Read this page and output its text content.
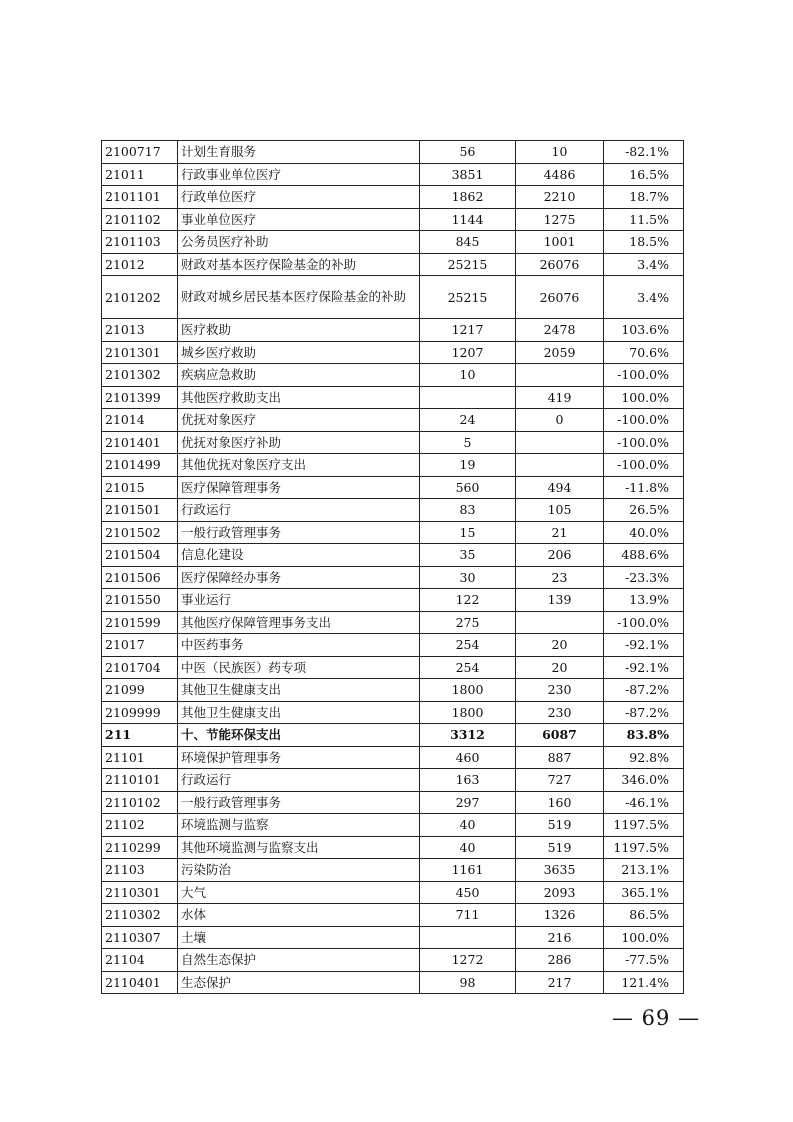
2100717	计划生育服务	56	10	-82.1%
21011	行政事业单位医疗	3851	4486	16.5%
2101101	行政单位医疗	1862	2210	18.7%
2101102	事业单位医疗	1144	1275	11.5%
2101103	公务员医疗补助	845	1001	18.5%
21012	财政对基本医疗保险基金的补助	25215	26076	3.4%
2101202	财政对城乡居民基本医疗保险基金的补助	25215	26076	3.4%
21013	医疗救助	1217	2478	103.6%
2101301	城乡医疗救助	1207	2059	70.6%
2101302	疾病应急救助	10		-100.0%
2101399	其他医疗救助支出		419	100.0%
21014	优抚对象医疗	24	0	-100.0%
2101401	优抚对象医疗补助	5		-100.0%
2101499	其他优抚对象医疗支出	19		-100.0%
21015	医疗保障管理事务	560	494	-11.8%
2101501	行政运行	83	105	26.5%
2101502	一般行政管理事务	15	21	40.0%
2101504	信息化建设	35	206	488.6%
2101506	医疗保障经办事务	30	23	-23.3%
2101550	事业运行	122	139	13.9%
2101599	其他医疗保障管理事务支出	275		-100.0%
21017	中医药事务	254	20	-92.1%
2101704	中医（民族医）药专项	254	20	-92.1%
21099	其他卫生健康支出	1800	230	-87.2%
2109999	其他卫生健康支出	1800	230	-87.2%
211	十、节能环保支出	3312	6087	83.8%
21101	环境保护管理事务	460	887	92.8%
2110101	行政运行	163	727	346.0%
2110102	一般行政管理事务	297	160	-46.1%
21102	环境监测与监察	40	519	1197.5%
2110299	其他环境监测与监察支出	40	519	1197.5%
21103	污染防治	1161	3635	213.1%
2110301	大气	450	2093	365.1%
2110302	水体	711	1326	86.5%
2110307	土壤		216	100.0%
21104	自然生态保护	1272	286	-77.5%
2110401	生态保护	98	217	121.4%
— 69 —
